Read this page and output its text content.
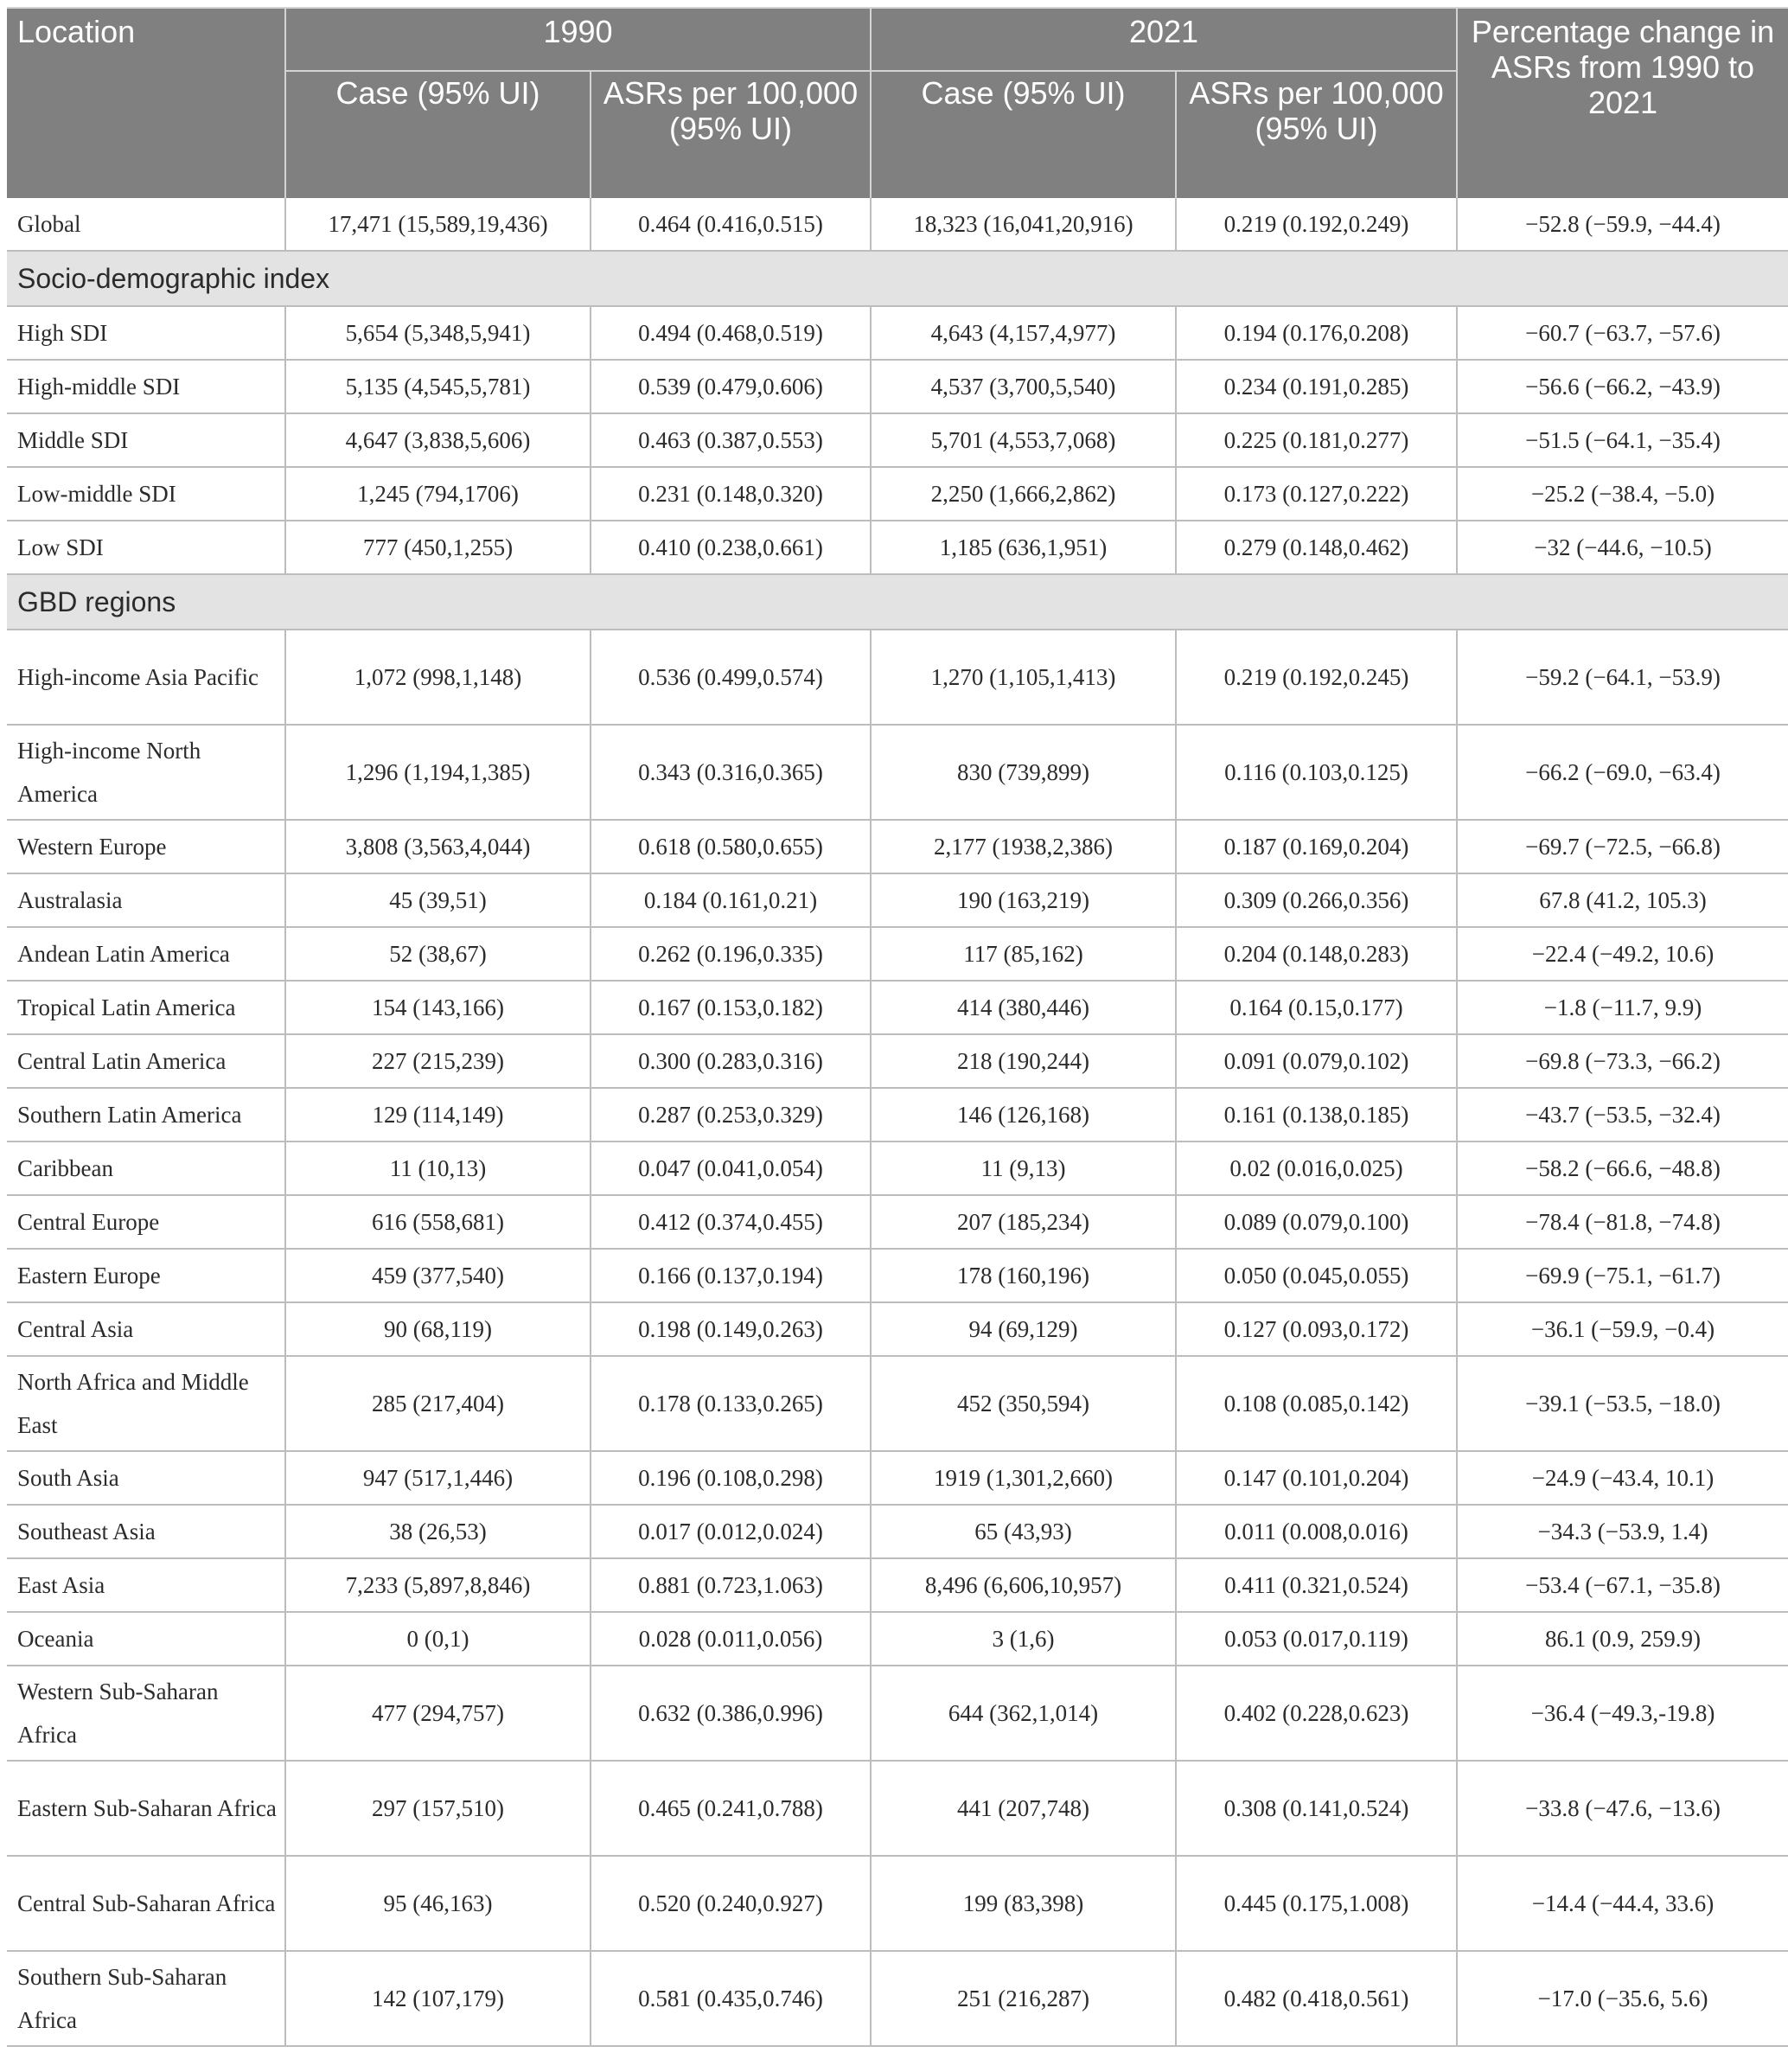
Location	1990		2021		Percentage change in ASRs from 1990 to 2021
	Case (95% UI)	ASRs per 100,000 (95% UI)	Case (95% UI)	ASRs per 100,000 (95% UI)	
Global	17,471 (15,589,19,436)	0.464 (0.416,0.515)	18,323 (16,041,20,916)	0.219 (0.192,0.249)	−52.8 (−59.9, −44.4)
Socio-demographic index					
High SDI	5,654 (5,348,5,941)	0.494 (0.468,0.519)	4,643 (4,157,4,977)	0.194 (0.176,0.208)	−60.7 (−63.7, −57.6)
High-middle SDI	5,135 (4,545,5,781)	0.539 (0.479,0.606)	4,537 (3,700,5,540)	0.234 (0.191,0.285)	−56.6 (−66.2, −43.9)
Middle SDI	4,647 (3,838,5,606)	0.463 (0.387,0.553)	5,701 (4,553,7,068)	0.225 (0.181,0.277)	−51.5 (−64.1, −35.4)
Low-middle SDI	1,245 (794,1706)	0.231 (0.148,0.320)	2,250 (1,666,2,862)	0.173 (0.127,0.222)	−25.2 (−38.4, −5.0)
Low SDI	777 (450,1,255)	0.410 (0.238,0.661)	1,185 (636,1,951)	0.279 (0.148,0.462)	−32 (−44.6, −10.5)
GBD regions					
High-income Asia Pacific	1,072 (998,1,148)	0.536 (0.499,0.574)	1,270 (1,105,1,413)	0.219 (0.192,0.245)	−59.2 (−64.1, −53.9)
High-income North America	1,296 (1,194,1,385)	0.343 (0.316,0.365)	830 (739,899)	0.116 (0.103,0.125)	−66.2 (−69.0, −63.4)
Western Europe	3,808 (3,563,4,044)	0.618 (0.580,0.655)	2,177 (1938,2,386)	0.187 (0.169,0.204)	−69.7 (−72.5, −66.8)
Australasia	45 (39,51)	0.184 (0.161,0.21)	190 (163,219)	0.309 (0.266,0.356)	67.8 (41.2, 105.3)
Andean Latin America	52 (38,67)	0.262 (0.196,0.335)	117 (85,162)	0.204 (0.148,0.283)	−22.4 (−49.2, 10.6)
Tropical Latin America	154 (143,166)	0.167 (0.153,0.182)	414 (380,446)	0.164 (0.15,0.177)	−1.8 (−11.7, 9.9)
Central Latin America	227 (215,239)	0.300 (0.283,0.316)	218 (190,244)	0.091 (0.079,0.102)	−69.8 (−73.3, −66.2)
Southern Latin America	129 (114,149)	0.287 (0.253,0.329)	146 (126,168)	0.161 (0.138,0.185)	−43.7 (−53.5, −32.4)
Caribbean	11 (10,13)	0.047 (0.041,0.054)	11 (9,13)	0.02 (0.016,0.025)	−58.2 (−66.6, −48.8)
Central Europe	616 (558,681)	0.412 (0.374,0.455)	207 (185,234)	0.089 (0.079,0.100)	−78.4 (−81.8, −74.8)
Eastern Europe	459 (377,540)	0.166 (0.137,0.194)	178 (160,196)	0.050 (0.045,0.055)	−69.9 (−75.1, −61.7)
Central Asia	90 (68,119)	0.198 (0.149,0.263)	94 (69,129)	0.127 (0.093,0.172)	−36.1 (−59.9, −0.4)
North Africa and Middle East	285 (217,404)	0.178 (0.133,0.265)	452 (350,594)	0.108 (0.085,0.142)	−39.1 (−53.5, −18.0)
South Asia	947 (517,1,446)	0.196 (0.108,0.298)	1919 (1,301,2,660)	0.147 (0.101,0.204)	−24.9 (−43.4, 10.1)
Southeast Asia	38 (26,53)	0.017 (0.012,0.024)	65 (43,93)	0.011 (0.008,0.016)	−34.3 (−53.9, 1.4)
East Asia	7,233 (5,897,8,846)	0.881 (0.723,1.063)	8,496 (6,606,10,957)	0.411 (0.321,0.524)	−53.4 (−67.1, −35.8)
Oceania	0 (0,1)	0.028 (0.011,0.056)	3 (1,6)	0.053 (0.017,0.119)	86.1 (0.9, 259.9)
Western Sub-Saharan Africa	477 (294,757)	0.632 (0.386,0.996)	644 (362,1,014)	0.402 (0.228,0.623)	−36.4 (−49.3,-19.8)
Eastern Sub-Saharan Africa	297 (157,510)	0.465 (0.241,0.788)	441 (207,748)	0.308 (0.141,0.524)	−33.8 (−47.6, −13.6)
Central Sub-Saharan Africa	95 (46,163)	0.520 (0.240,0.927)	199 (83,398)	0.445 (0.175,1.008)	−14.4 (−44.4, 33.6)
Southern Sub-Saharan Africa	142 (107,179)	0.581 (0.435,0.746)	251 (216,287)	0.482 (0.418,0.561)	−17.0 (−35.6, 5.6)
